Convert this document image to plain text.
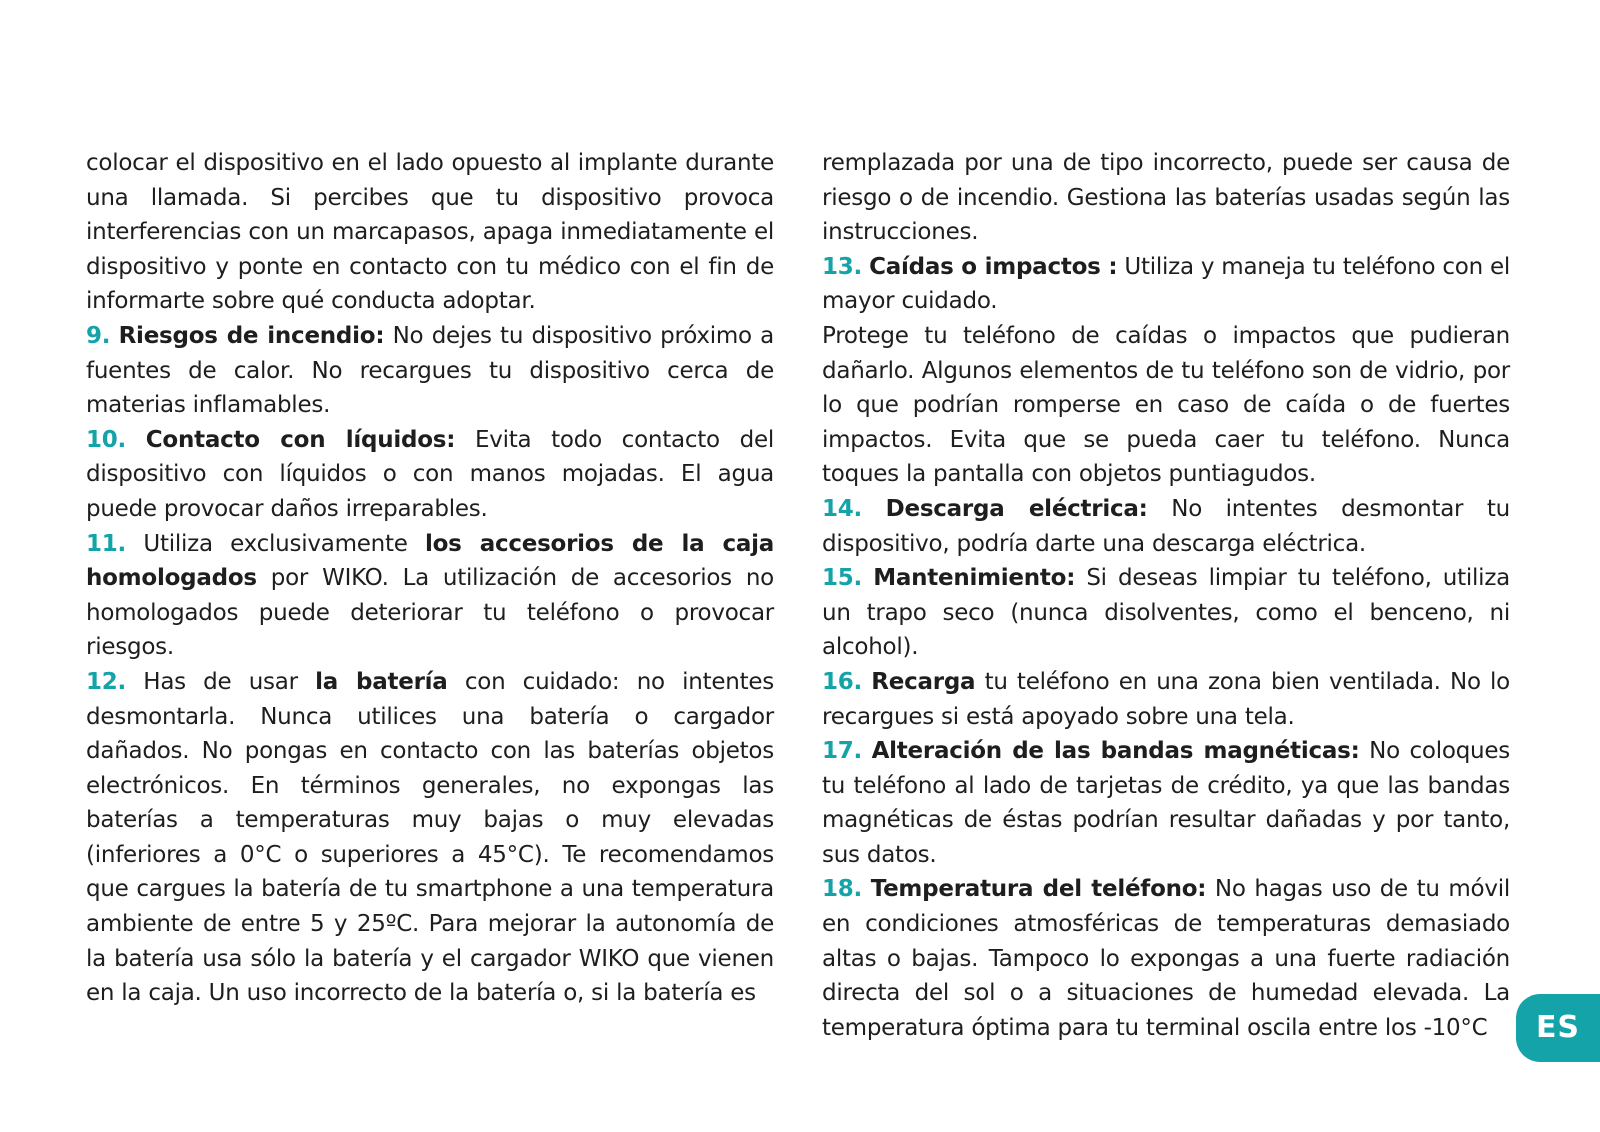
colocar el dispositivo en el lado opuesto al implante durante una llamada. Si percibes que tu dispositivo provoca interferencias con un marcapasos, apaga inmediatamente el dispositivo y ponte en contacto con tu médico con el fin de informarte sobre qué conducta adoptar.

9. Riesgos de incendio: No dejes tu dispositivo próximo a fuentes de calor. No recargues tu dispositivo cerca de materias inflamables.

10. Contacto con líquidos: Evita todo contacto del dispositivo con líquidos o con manos mojadas. El agua puede provocar daños irreparables.

11. Utiliza exclusivamente los accesorios de la caja homologados por WIKO. La utilización de accesorios no homologados puede deteriorar tu teléfono o provocar riesgos.

12. Has de usar la batería con cuidado: no intentes desmontarla. Nunca utilices una batería o cargador dañados. No pongas en contacto con las baterías objetos electrónicos. En términos generales, no expongas las baterías a temperaturas muy bajas o muy elevadas (inferiores a 0°C o superiores a 45°C). Te recomendamos que cargues la batería de tu smartphone a una temperatura ambiente de entre 5 y 25ºC. Para mejorar la autonomía de la batería usa sólo la batería y el cargador WIKO que vienen en la caja. Un uso incorrecto de la batería o, si la batería es

remplazada por una de tipo incorrecto, puede ser causa de riesgo o de incendio. Gestiona las baterías usadas según las instrucciones.

13. Caídas o impactos : Utiliza y maneja tu teléfono con el mayor cuidado.

Protege tu teléfono de caídas o impactos que pudieran dañarlo. Algunos elementos de tu teléfono son de vidrio, por lo que podrían romperse en caso de caída o de fuertes impactos. Evita que se pueda caer tu teléfono. Nunca toques la pantalla con objetos puntiagudos.

14. Descarga eléctrica: No intentes desmontar tu dispositivo, podría darte una descarga eléctrica.

15. Mantenimiento: Si deseas limpiar tu teléfono, utiliza un trapo seco (nunca disolventes, como el benceno, ni alcohol).

16. Recarga tu teléfono en una zona bien ventilada. No lo recargues si está apoyado sobre una tela.

17. Alteración de las bandas magnéticas: No coloques tu teléfono al lado de tarjetas de crédito, ya que las bandas magnéticas de éstas podrían resultar dañadas y por tanto, sus datos.

18. Temperatura del teléfono: No hagas uso de tu móvil en condiciones atmosféricas de temperaturas demasiado altas o bajas. Tampoco lo expongas a una fuerte radiación directa del sol o a situaciones de humedad elevada. La temperatura óptima para tu terminal oscila entre los -10°C	ES
